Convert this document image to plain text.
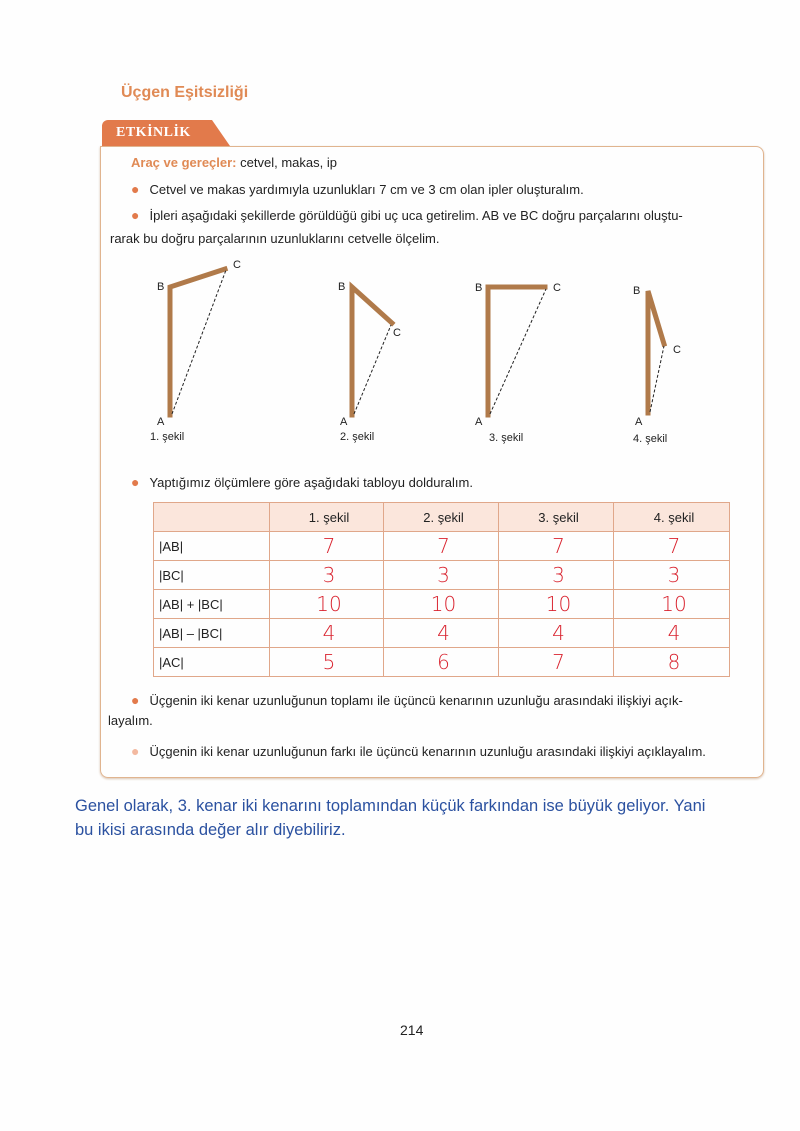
Üçgen Eşitsizliği
ETKİNLİK
Araç ve gereçler: cetvel, makas, ip
● Cetvel ve makas yardımıyla uzunlukları 7 cm ve 3 cm olan ipler oluşturalım.
● İpleri aşağıdaki şekillerde görüldüğü gibi uç uca getirelim. AB ve BC doğru parçalarını oluştu-
rarak bu doğru parçalarının uzunluklarını cetvelle ölçelim.
B
C
A
1. şekil
B
C
A
2. şekil
B	C
A
3. şekil
B
C
A
4. şekil
● Yaptığımız ölçümlere göre aşağıdaki tabloyu dolduralım.
	1. şekil	2. şekil	3. şekil	4. şekil
|AB|	7	7	7	7
|BC|	3	3	3	3
|AB| + |BC|	10	10	10	10
|AB| – |BC|	4	4	4	4
|AC|	5	6	7	8
● Üçgenin iki kenar uzunluğunun toplamı ile üçüncü kenarının uzunluğu arasındaki ilişkiyi açık-
layalım.
● Üçgenin iki kenar uzunluğunun farkı ile üçüncü kenarının uzunluğu arasındaki ilişkiyi açıklayalım.
Genel olarak, 3. kenar iki kenarını toplamından küçük farkından ise büyük geliyor. Yani
bu ikisi arasında değer alır diyebiliriz.
214
